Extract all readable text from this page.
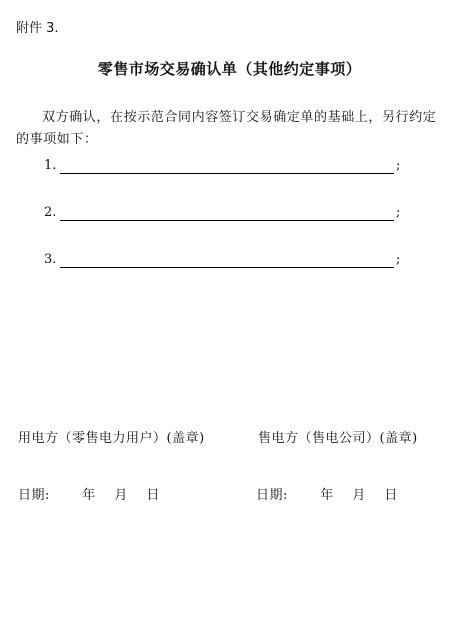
附件 3.
零售市场交易确认单（其他约定事项）
双方确认，在按示范合同内容签订交易确定单的基础上，另行约定的事项如下：
1.	;
2.	;
3.	;
用电方（零售电力用户）(盖章)	售电方（售电公司）(盖章)
日期:       年    月    日	日期:       年    月    日
